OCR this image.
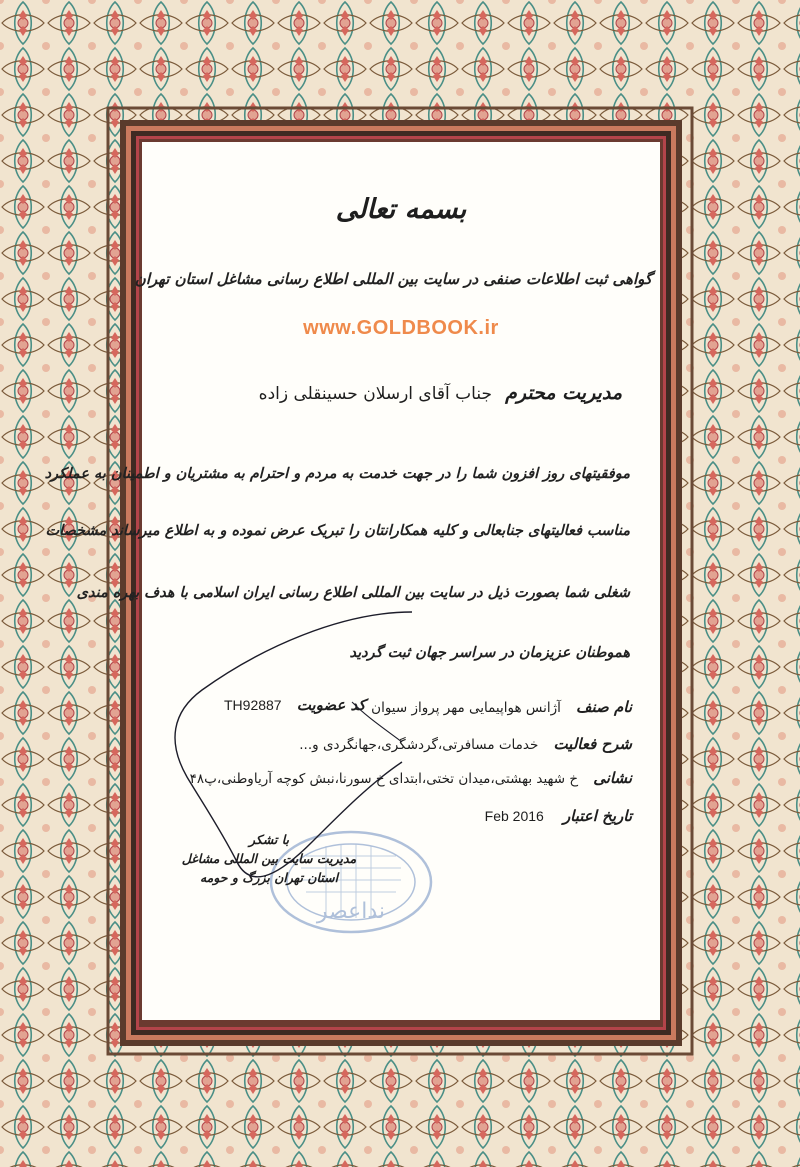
بسمه تعالی
گواهی ثبت اطلاعات صنفی در سایت بین المللی اطلاع رسانی مشاغل استان تهران
www.GOLDBOOK.ir
مدیریت محترم جناب آقای ارسلان حسینقلی زاده
موفقیتهای روز افزون شما را در جهت خدمت به مردم و احترام به مشتریان و اطمینان به عملکرد
مناسب فعالیتهای جنابعالی و کلیه همکارانتان را تبریک عرض نموده و به اطلاع میرساند مشخصات
شغلی شما بصورت ذیل در سایت بین المللی اطلاع رسانی ایران اسلامی با هدف بهره مندی
هموطنان عزیزمان در سراسر جهان ثبت گردید
نام صنف آژانس هواپیمایی مهر پرواز سیوان
کد عضویت TH92887
شرح فعالیت خدمات مسافرتی،گردشگری،جهانگردی و...
نشانی خ شهید بهشتی،میدان تختی،ابتدای خ سورنا،نبش کوچه آریاوطنی،پ۴۸
تاریخ اعتبار Feb 2016
نداعصر
با تشکر
مدیریت سایت بین المللی مشاغل
استان تهران بزرگ و حومه
